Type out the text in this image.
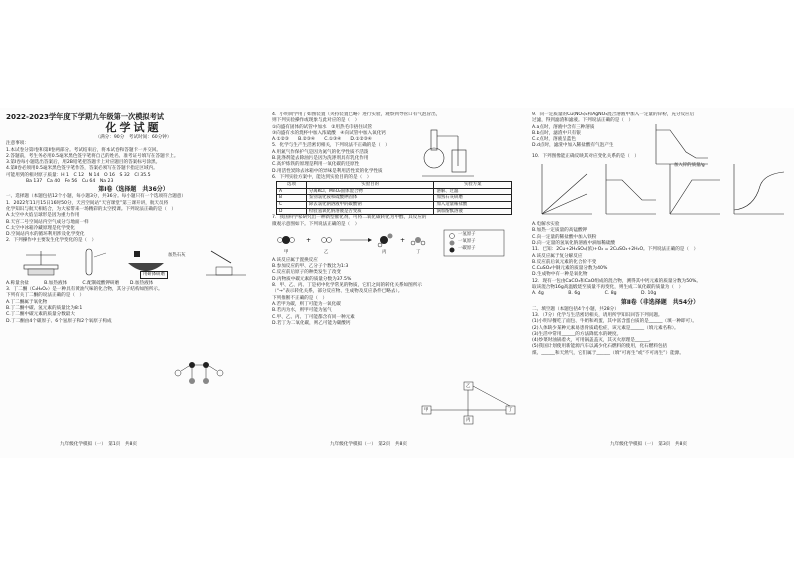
2022-2023学年度下学期九年级第一次模拟考试

化学试题

（满分：90分　考试时间：60分钟）

注意事项：

1.本试卷分第Ⅰ卷和第Ⅱ卷两部分。考试结束后，将本试卷和答题卡一并交回。

2.答题前，考生务必用0.5毫米黑色签字笔将自己的姓名、准考证号填写在答题卡上。

3.第Ⅰ卷每小题选出答案后，用2B铅笔把答题卡上对应题目的答案标号涂黑。

4.第Ⅱ卷必须用0.5毫米黑色签字笔作答，答案必须写在答题卡指定区域内。

可能用到的相对原子质量：H 1　C 12　N 14　O 16　S 32　Cl 35.5

Ba 137　Ca 40　Fe 56　Cu 64　Na 23

第Ⅰ卷（选择题　共36分）

一、选择题（本题包括12个小题，每小题3分，共36分。每小题只有一个选项符合题意）

1．2022年11月15日16时50分，天宫空间站“天宫课堂”第三课开讲，航天员将

化学知识与航天相结合，为大家带来一场精彩的太空授课。下列说法正确的是（　）

A.太空中火焰呈球形是因为重力作用

B.天宫二号空间站内空气成分与地面一样

C.太空中冰箱冷藏原理是化学变化

D.空间站内水的循环利用涉及化学变化

2．下列操作中主要发生化学变化的是（　）

加热石灰
用研钵研磨

A.称量食盐　　　	B.加热液体　　　	C.配制硫酸钾研磨　　 D.加热液体

3．丁二酮（C₄H₆O₂）是一种具有黄油气味的化合物，其分子结构如图所示。

下列有关丁二酮的说法正确的是（　）

A.丁二酮属于氧化物

B.丁二酮中碳、氢元素的质量比为8:1

C.丁二酮中碳元素的质量分数最大

D.丁二酮由4个碳原子、6个氢原子和2个氧原子构成

4．小明同学用了如图装置（夹持装置已略）进行实验，观察到导管口有气泡冒出，

则下列实验操作或现象与此对应的是（　）

①向盛有固体的试管中加水　②用热毛巾捂住试管

③向盛有水的烧杯中加入浓硫酸　④向试管中加入氧化钙

A.①②③　　B.②③④　　C.①③④　　D.①②③④

5．化学与生产生活密切相关，下列说法不正确的是（　）

A.用氮气作保护气是因为氮气的化学性质不活泼

B.洗涤剂能去除油污是因为洗涤剂具有乳化作用

C.高炉炼铁的原理是利用一氧化碳的还原性

D.用活性炭除去冰箱中的异味是利用活性炭的化学性质

6．下列实验方案中，能达到实验目的的是（　）

选项	实验目的	实验方案
A	分离KCl、MnO₂固体混合物	溶解、过滤
B	鉴别氯化铵和硫酸钾固体	加熟石灰研磨
C	除去氯化钠溶液中的碳酸钠	加入适量稀盐酸
D	检验氢氧化钠溶液是否变质	滴加酚酞溶液

7．我国科学家研究出一种新型催化剂，可将二氧化碳转化为甲醇，其反应的

微观示意图如下。下列说法正确的是（　）

+	+
甲	乙	丙	丁
一氢原子
一氧原子
一碳原子

A.该反应属于置换反应

B.参加反应的甲、乙分子个数比为1:3

C.反应前后原子的种类发生了改变

D.丙物质中碳元素的质量分数为37.5%

8．甲、乙、丙、丁是初中化学常见的物质，它们之间的转化关系如图所示

（“→”表示转化关系，部分反应物、生成物及反应条件已略去）。

下列推断不正确的是（　）

A.若甲为碳，则丁可能为一氧化碳

B.若丙为水，则甲可能为氢气

C.甲、乙、丙、丁可能都含有同一种元素

D.若丁为二氧化碳，则乙可能为碳酸钙

甲
乙
丙
丁

9．向一定质量的Cu(NO₃)₂和AgNO₃混合溶液中加入一定量的锌粉，充分反应后

过滤，得到滤渣和滤液。下列说法正确的是（　）

A.a点时，溶液中含有三种溶质

B.b点时，滤渣中只有银

C.c点时，溶液呈蓝色

D.d点时，滤渣中加入稀盐酸有气泡产生

10．下列图像能正确反映其对应变化关系的是（　）

A.电解水实验

B.加热一定质量的高锰酸钾

C.向一定量的稀盐酸中加入铁粉

D.向一定量的氢氧化钠溶液中滴加稀硫酸

11．已知：2Cu+2H₂SO₄(浓)+O₂ = 2CuSO₄+2H₂O。下列说法正确的是（　）

A.该反应属于复分解反应

B.反应前后氧元素的化合价不变

C.CuSO₄中铜元素的质量分数为40%

D.生成物中有一种是氧化物

12．现有一包由CaCO₃和CaO组成的混合物，测得其中钙元素的质量分数为50%。

取该混合物16g高温煅烧至质量不再变化，则生成二氧化碳的质量为（　）

A. 4g　　　　　	B. 6g　　　　　	C. 8g　　　　　	D. 10g

第Ⅱ卷（非选择题　共54分）

二、填空题（本题包括4个小题，共28分）

13．（7分）化学与生活密切相关，请用所学知识回答下列问题。

(1)小明早餐吃了面包、牛奶和鸡蛋，其中富含蛋白质的是______（填一种即可）。

(2)人体缺少某种元素易患骨质疏松症，该元素是______（填元素名称）。

(3)生活中常用______的方法降低水的硬度。

(4)炒菜时油锅着火，可用锅盖盖灭，其灭火原理是______。

(5)我国计划使用新能源汽车以减少化石燃料的使用，化石燃料包括

煤、______和天然气，它们属于______（填“可再生”或“不可再生”）能源。

加入锌的质量/g
九年级化学模拟（一）　第1页　共8页	九年级化学模拟（一）　第2页　共8页	九年级化学模拟（一）　第3页　共8页
